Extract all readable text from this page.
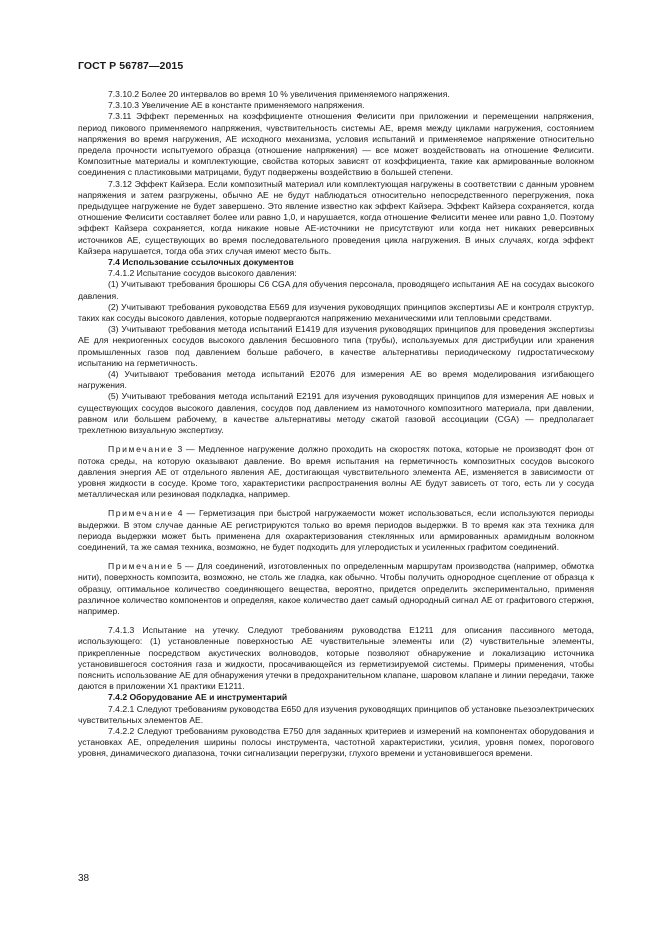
ГОСТ Р 56787—2015

7.3.10.2 Более 20 интервалов во время 10 % увеличения применяемого напряжения.

7.3.10.3 Увеличение АЕ в константе применяемого напряжения.

7.3.11 Эффект переменных на коэффициенте отношения Фелисити при приложении и перемещении напряжения, период пикового применяемого напряжения, чувствительность системы АЕ, время между циклами нагружения, состоянием напряжения во время нагружения, АЕ исходного механизма, условия испытаний и применяемое напряжение относительно предела прочности испытуемого образца (отношение напряжения) — все может воздействовать на отношение Фелисити. Композитные материалы и комплектующие, свойства которых зависят от коэффициента, такие как армированные волокном соединения с пластиковыми матрицами, будут подвержены воздействию в большей степени.

7.3.12 Эффект Кайзера. Если композитный материал или комплектующая нагружены в соответствии с данным уровнем напряжения и затем разгружены, обычно АЕ не будут наблюдаться относительно непосредственного перегружения, пока предыдущее нагружение не будет завершено. Это явление известно как эффект Кайзера. Эффект Кайзера сохраняется, когда отношение Фелисити составляет более или равно 1,0, и нарушается, когда отношение Фелисити менее или равно 1,0. Поэтому эффект Кайзера сохраняется, когда никакие новые АЕ-источники не присутствуют или когда нет никаких реверсивных источников АЕ, существующих во время последовательного проведения цикла нагружения. В иных случаях, когда эффект Кайзера нарушается, тогда оба этих случая имеют место быть.

7.4 Использование ссылочных документов

7.4.1.2 Испытание сосудов высокого давления:

(1) Учитывают требования брошюры С6 CGA для обучения персонала, проводящего испытания АЕ на сосудах высокого давления.

(2) Учитывают требования руководства Е569 для изучения руководящих принципов экспертизы АЕ и контроля структур, таких как сосуды высокого давления, которые подвергаются напряжению механическими или тепловыми средствами.

(3) Учитывают требования метода испытаний Е1419 для изучения руководящих принципов для проведения экспертизы АЕ для некриогенных сосудов высокого давления бесшовного типа (трубы), используемых для дистрибуции или хранения промышленных газов под давлением больше рабочего, в качестве альтернативы периодическому гидростатическому испытанию на герметичность.

(4) Учитывают требования метода испытаний Е2076 для измерения АЕ во время моделирования изгибающего нагружения.

(5) Учитывают требования метода испытаний Е2191 для изучения руководящих принципов для измерения АЕ новых и существующих сосудов высокого давления, сосудов под давлением из намоточного композитного материала, при давлении, равном или большем рабочему, в качестве альтернативы методу сжатой газовой ассоциации (CGA) — предполагает трехлетнюю визуальную экспертизу.

Примечание 3 — Медленное нагружение должно проходить на скоростях потока, которые не производят фон от потока среды, на которую оказывают давление. Во время испытания на герметичность композитных сосудов высокого давления энергия АЕ от отдельного явления АЕ, достигающая чувствительного элемента АЕ, изменяется в зависимости от уровня жидкости в сосуде. Кроме того, характеристики распространения волны АЕ будут зависеть от того, есть ли у сосуда металлическая или резиновая подкладка, например.

Примечание 4 — Герметизация при быстрой нагружаемости может использоваться, если используются периоды выдержки. В этом случае данные АЕ регистрируются только во время периодов выдержки. В то время как эта техника для периода выдержки может быть применена для охарактеризования стеклянных или армированных арамидным волокном соединений, та же самая техника, возможно, не будет подходить для углеродистых и усиленных графитом соединений.

Примечание 5 — Для соединений, изготовленных по определенным маршрутам производства (например, обмотка нити), поверхность композита, возможно, не столь же гладка, как обычно. Чтобы получить однородное сцепление от образца к образцу, оптимальное количество соединяющего вещества, вероятно, придется определить экспериментально, применяя различное количество компонентов и определяя, какое количество дает самый однородный сигнал АЕ от графитового стержня, например.

7.4.1.3 Испытание на утечку. Следуют требованиям руководства Е1211 для описания пассивного метода, использующего: (1) установленные поверхностью АЕ чувствительные элементы или (2) чувствительные элементы, прикрепленные посредством акустических волноводов, которые позволяют обнаружение и локализацию источника установившегося состояния газа и жидкости, просачивающейся из герметизируемой системы. Примеры применения, чтобы пояснить использование АЕ для обнаружения утечки в предохранительном клапане, шаровом клапане и линии передачи, также даются в приложении Х1 практики Е1211.

7.4.2 Оборудование АЕ и инструментарий

7.4.2.1 Следуют требованиям руководства Е650 для изучения руководящих принципов об установке пьезоэлектрических чувствительных элементов АЕ.

7.4.2.2 Следуют требованиям руководства Е750 для заданных критериев и измерений на компонентах оборудования и установках АЕ, определения ширины полосы инструмента, частотной характеристики, усилия, уровня помех, порогового уровня, динамического диапазона, точки сигнализации перегрузки, глухого времени и установившегося времени.

38
